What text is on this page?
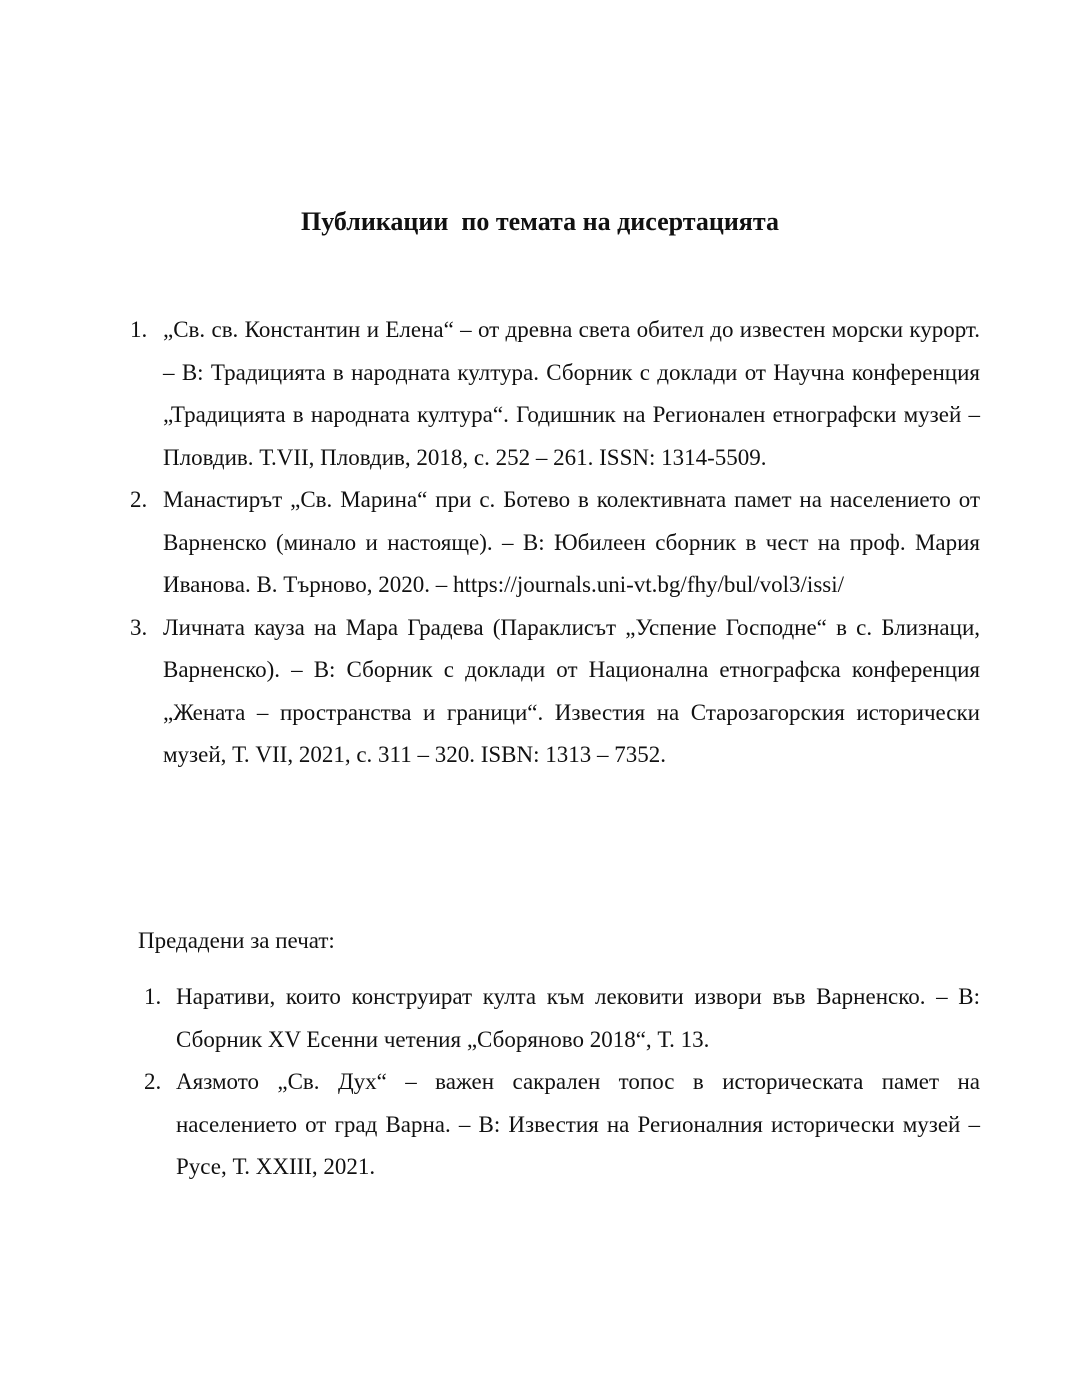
Публикации  по темата на дисертацията
1. „Св. св. Константин и Елена“ – от древна света обител до известен морски курорт. – В: Традицията в народната култура. Сборник с доклади от Научна конференция „Традицията в народната култура“. Годишник на Регионален етнографски музей – Пловдив. Т.VII, Пловдив, 2018, с. 252 – 261. ISSN: 1314-5509.
2. Манастирът „Св. Марина“ при с. Ботево в колективната памет на населението от Варненско (минало и настояще). – В: Юбилеен сборник в чест на проф. Мария Иванова. В. Търново, 2020. – https://journals.uni-vt.bg/fhy/bul/vol3/issi/
3. Личната кауза на Мара Градева (Параклисът „Успение Господне“ в с. Близнаци, Варненско). – В: Сборник с доклади от Национална етнографска конференция „Жената – пространства и граници“. Известия на Старозагорския исторически музей, Т. VII, 2021, с. 311 – 320. ISBN: 1313 – 7352.
Предадени за печат:
1. Наративи, които конструират култа към лековити извори във Варненско. – В: Сборник XV Есенни четения „Сборяново 2018“, Т. 13.
2. Аязмото „Св. Дух“ – важен сакрален топос в историческата памет на населението от град Варна. – В: Известия на Регионалния исторически музей – Русе, Т. XXIII, 2021.
